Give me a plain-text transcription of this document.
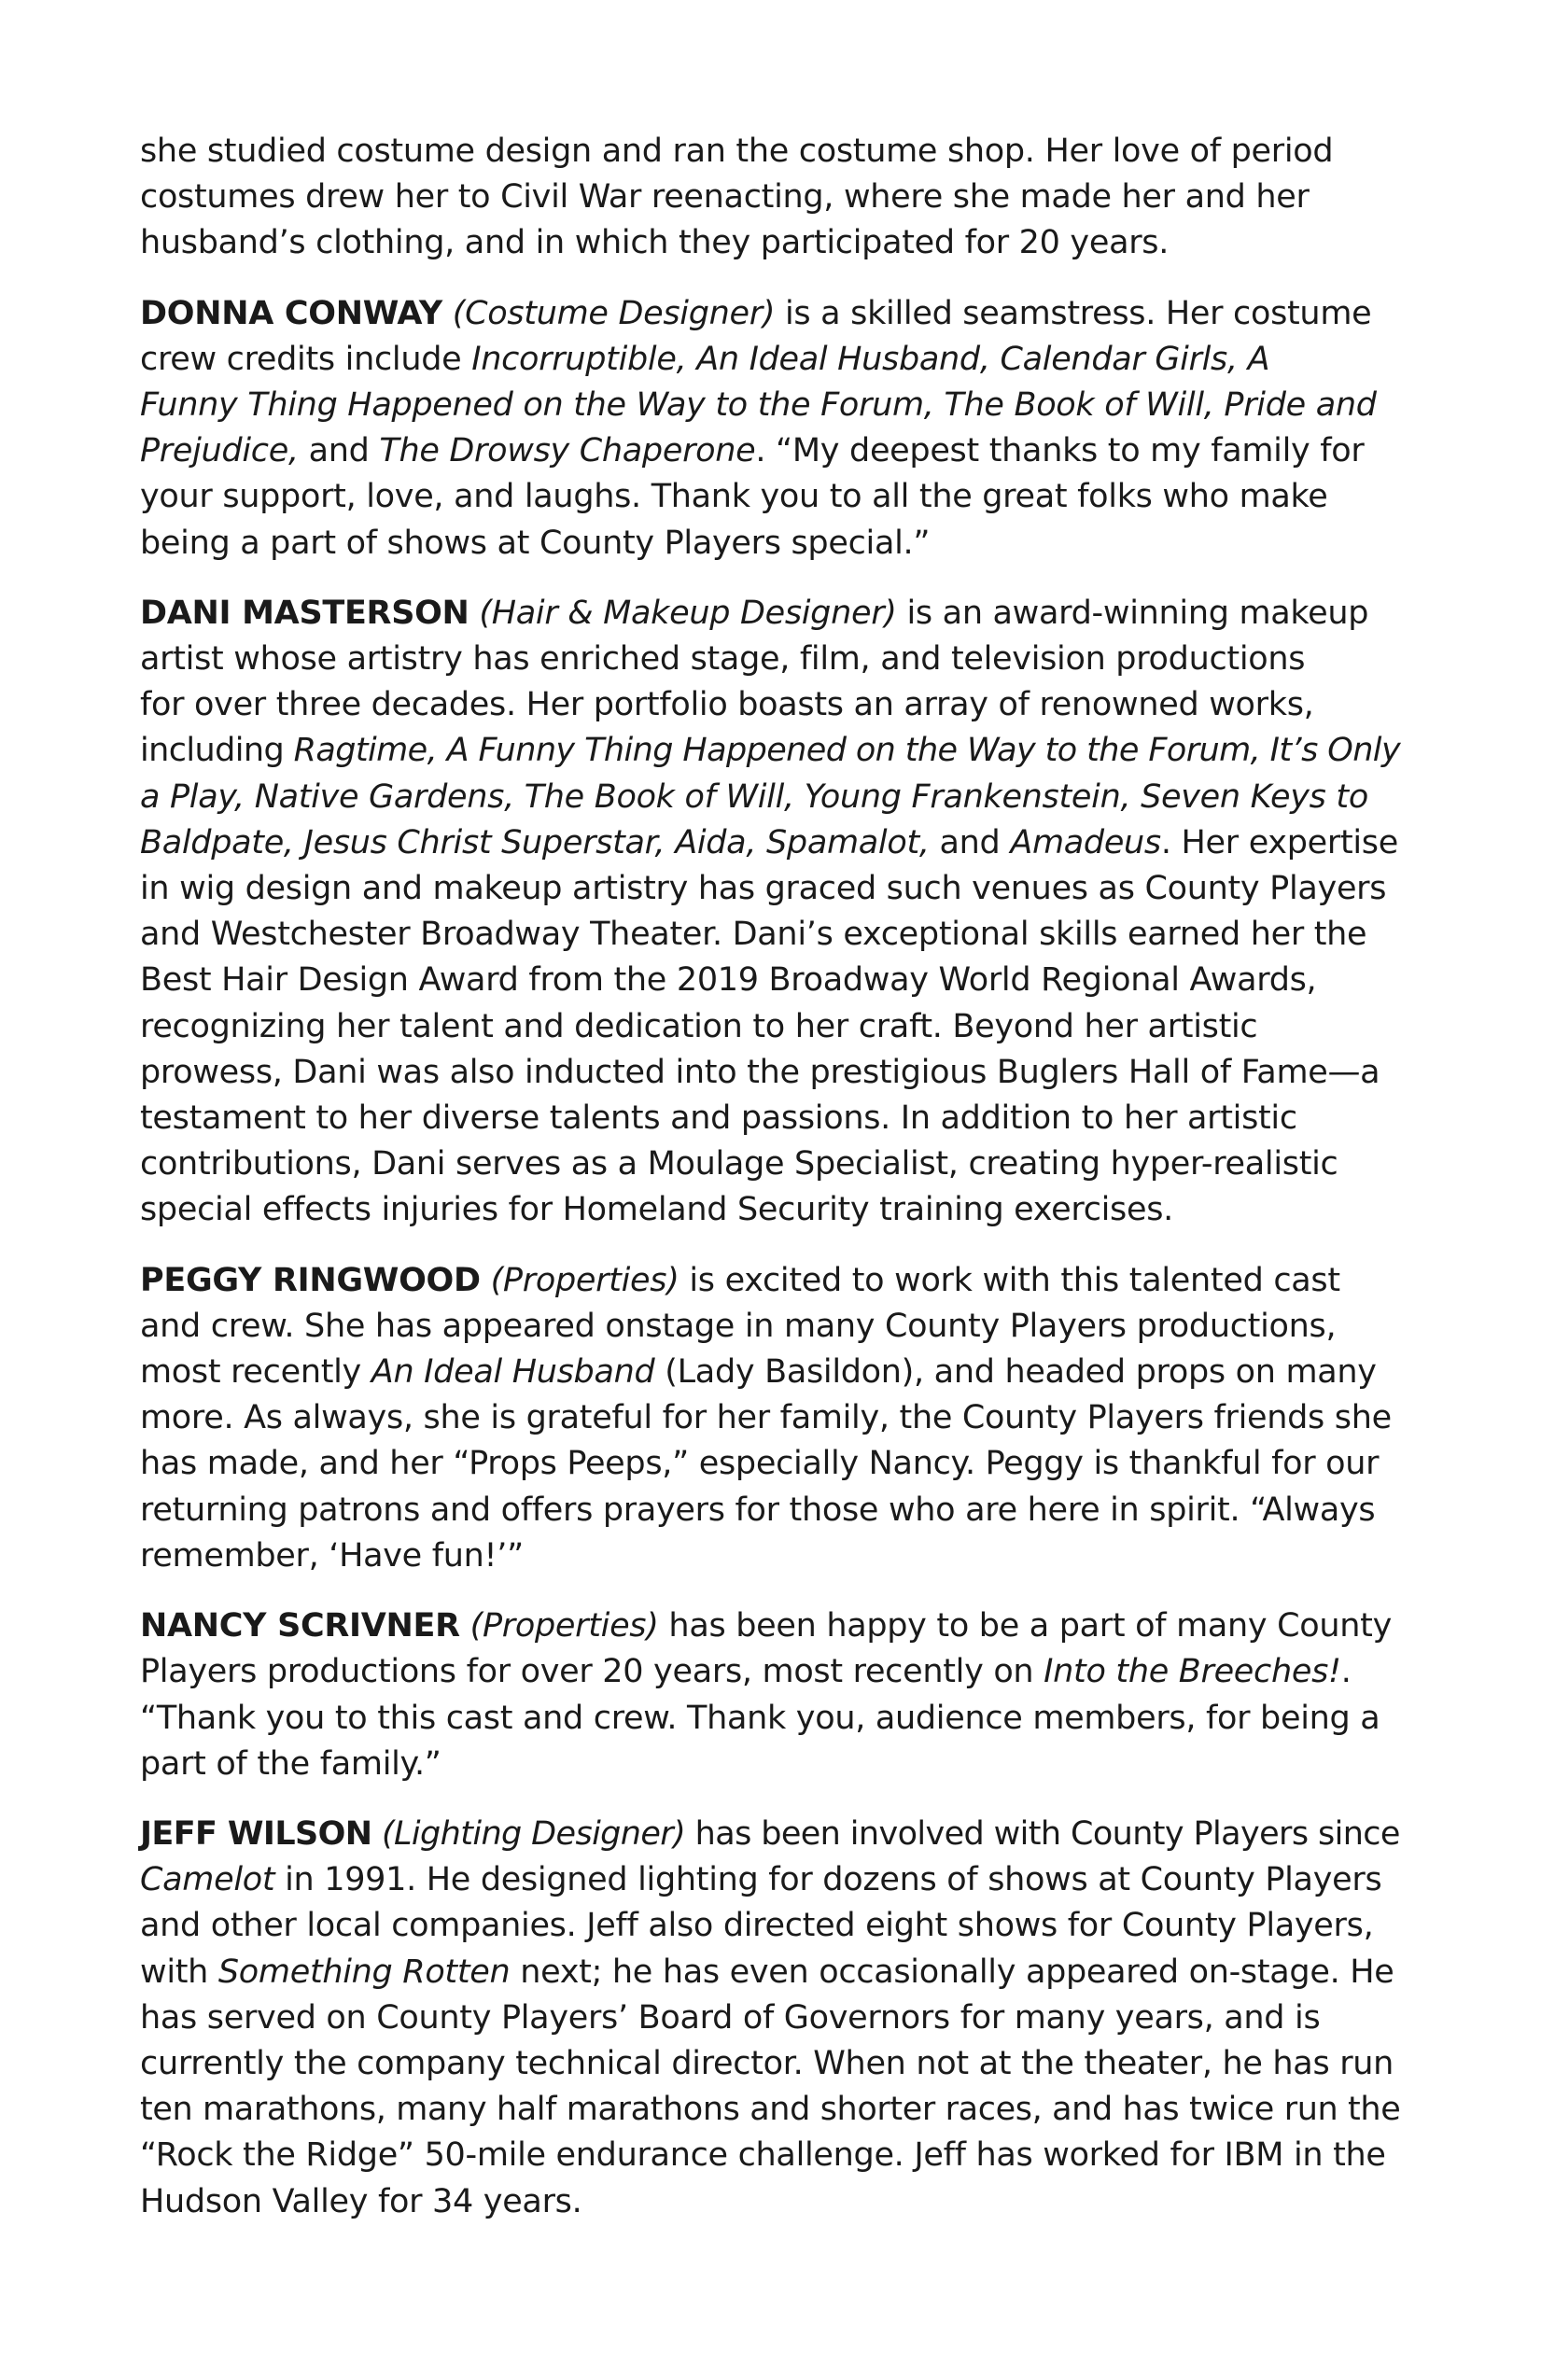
she studied costume design and ran the costume shop. Her love of period
costumes drew her to Civil War reenacting, where she made her and her
husband’s clothing, and in which they participated for 20 years.

DONNA CONWAY (Costume Designer) is a skilled seamstress. Her costume
crew credits include Incorruptible, An Ideal Husband, Calendar Girls, A
Funny Thing Happened on the Way to the Forum, The Book of Will, Pride and
Prejudice, and The Drowsy Chaperone. “My deepest thanks to my family for
your support, love, and laughs. Thank you to all the great folks who make
being a part of shows at County Players special.”

DANI MASTERSON (Hair & Makeup Designer) is an award-winning makeup
artist whose artistry has enriched stage, film, and television productions
for over three decades. Her portfolio boasts an array of renowned works,
including Ragtime, A Funny Thing Happened on the Way to the Forum, It’s Only
a Play, Native Gardens, The Book of Will, Young Frankenstein, Seven Keys to
Baldpate, Jesus Christ Superstar, Aida, Spamalot, and Amadeus. Her expertise
in wig design and makeup artistry has graced such venues as County Players
and Westchester Broadway Theater. Dani’s exceptional skills earned her the
Best Hair Design Award from the 2019 Broadway World Regional Awards,
recognizing her talent and dedication to her craft. Beyond her artistic
prowess, Dani was also inducted into the prestigious Buglers Hall of Fame—a
testament to her diverse talents and passions. In addition to her artistic
contributions, Dani serves as a Moulage Specialist, creating hyper-realistic
special effects injuries for Homeland Security training exercises.

PEGGY RINGWOOD (Properties) is excited to work with this talented cast
and crew. She has appeared onstage in many County Players productions,
most recently An Ideal Husband (Lady Basildon), and headed props on many
more. As always, she is grateful for her family, the County Players friends she
has made, and her “Props Peeps,” especially Nancy. Peggy is thankful for our
returning patrons and offers prayers for those who are here in spirit. “Always
remember, ‘Have fun!’”

NANCY SCRIVNER (Properties) has been happy to be a part of many County
Players productions for over 20 years, most recently on Into the Breeches!.
“Thank you to this cast and crew. Thank you, audience members, for being a
part of the family.”

JEFF WILSON (Lighting Designer) has been involved with County Players since
Camelot in 1991. He designed lighting for dozens of shows at County Players
and other local companies. Jeff also directed eight shows for County Players,
with Something Rotten next; he has even occasionally appeared on-stage. He
has served on County Players’ Board of Governors for many years, and is
currently the company technical director. When not at the theater, he has run
ten marathons, many half marathons and shorter races, and has twice run the
“Rock the Ridge” 50-mile endurance challenge. Jeff has worked for IBM in the
Hudson Valley for 34 years.
